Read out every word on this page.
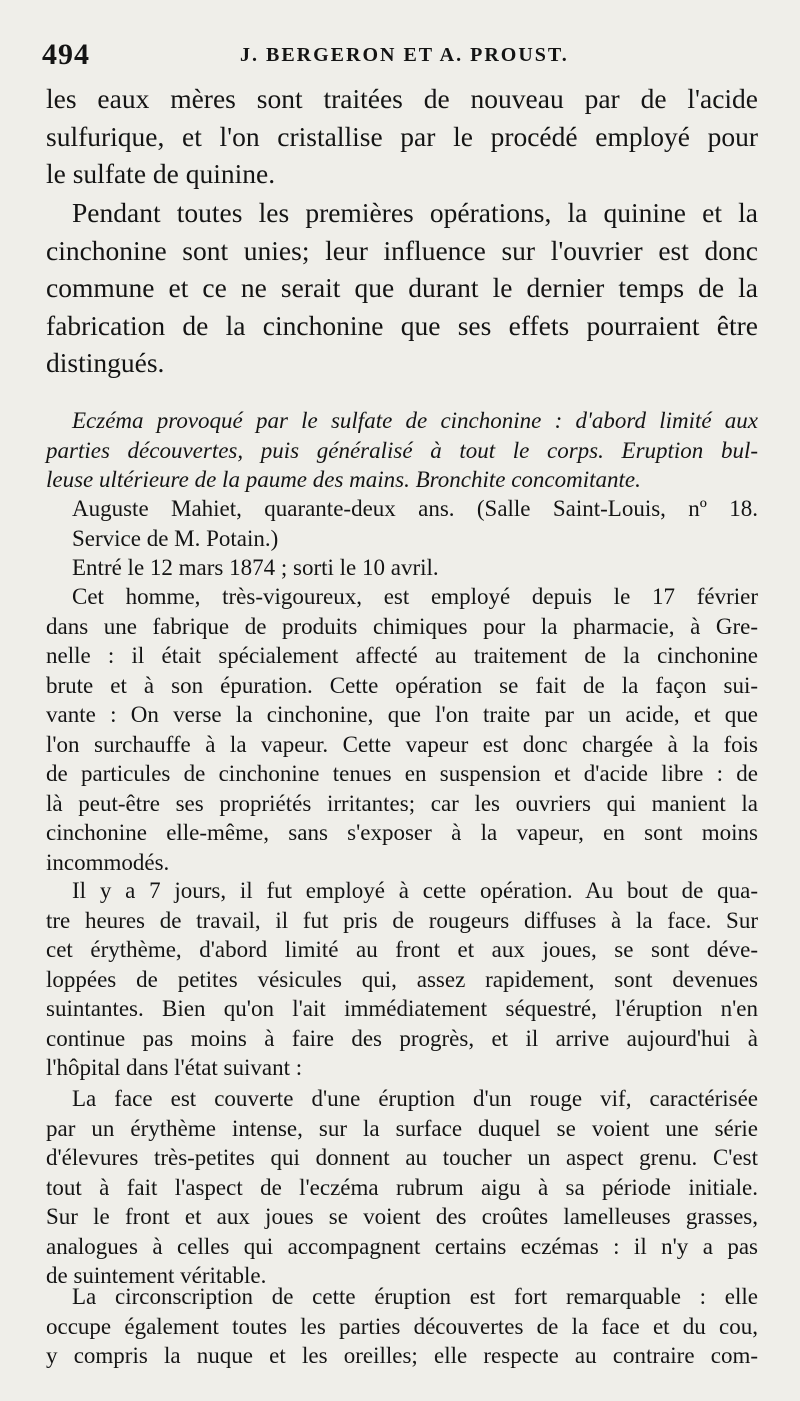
494	J. BERGERON ET A. PROUST.
les eaux mères sont traitées de nouveau par de l'acide
sulfurique, et l'on cristallise par le procédé employé pour
le sulfate de quinine.
Pendant toutes les premières opérations, la quinine et la
cinchonine sont unies; leur influence sur l'ouvrier est donc
commune et ce ne serait que durant le dernier temps de la
fabrication de la cinchonine que ses effets pourraient être
distingués.
Eczéma provoqué par le sulfate de cinchonine : d'abord limité aux
parties découvertes, puis généralisé à tout le corps. Eruption bul-
leuse ultérieure de la paume des mains. Bronchite concomitante.
Auguste Mahiet, quarante-deux ans. (Salle Saint-Louis, nº 18.
Service de M. Potain.)
Entré le 12 mars 1874 ; sorti le 10 avril.
Cet homme, très-vigoureux, est employé depuis le 17 février
dans une fabrique de produits chimiques pour la pharmacie, à Gre-
nelle : il était spécialement affecté au traitement de la cinchonine
brute et à son épuration. Cette opération se fait de la façon sui-
vante : On verse la cinchonine, que l'on traite par un acide, et que
l'on surchauffe à la vapeur. Cette vapeur est donc chargée à la fois
de particules de cinchonine tenues en suspension et d'acide libre : de
là peut-être ses propriétés irritantes; car les ouvriers qui manient la
cinchonine elle-même, sans s'exposer à la vapeur, en sont moins
incommodés.
Il y a 7 jours, il fut employé à cette opération. Au bout de qua-
tre heures de travail, il fut pris de rougeurs diffuses à la face. Sur
cet érythème, d'abord limité au front et aux joues, se sont déve-
loppées de petites vésicules qui, assez rapidement, sont devenues
suintantes. Bien qu'on l'ait immédiatement séquestré, l'éruption n'en
continue pas moins à faire des progrès, et il arrive aujourd'hui à
l'hôpital dans l'état suivant :
La face est couverte d'une éruption d'un rouge vif, caractérisée
par un érythème intense, sur la surface duquel se voient une série
d'élevures très-petites qui donnent au toucher un aspect grenu. C'est
tout à fait l'aspect de l'eczéma rubrum aigu à sa période initiale.
Sur le front et aux joues se voient des croûtes lamelleuses grasses,
analogues à celles qui accompagnent certains eczémas : il n'y a pas
de suintement véritable.
La circonscription de cette éruption est fort remarquable : elle
occupe également toutes les parties découvertes de la face et du cou,
y compris la nuque et les oreilles; elle respecte au contraire com-
